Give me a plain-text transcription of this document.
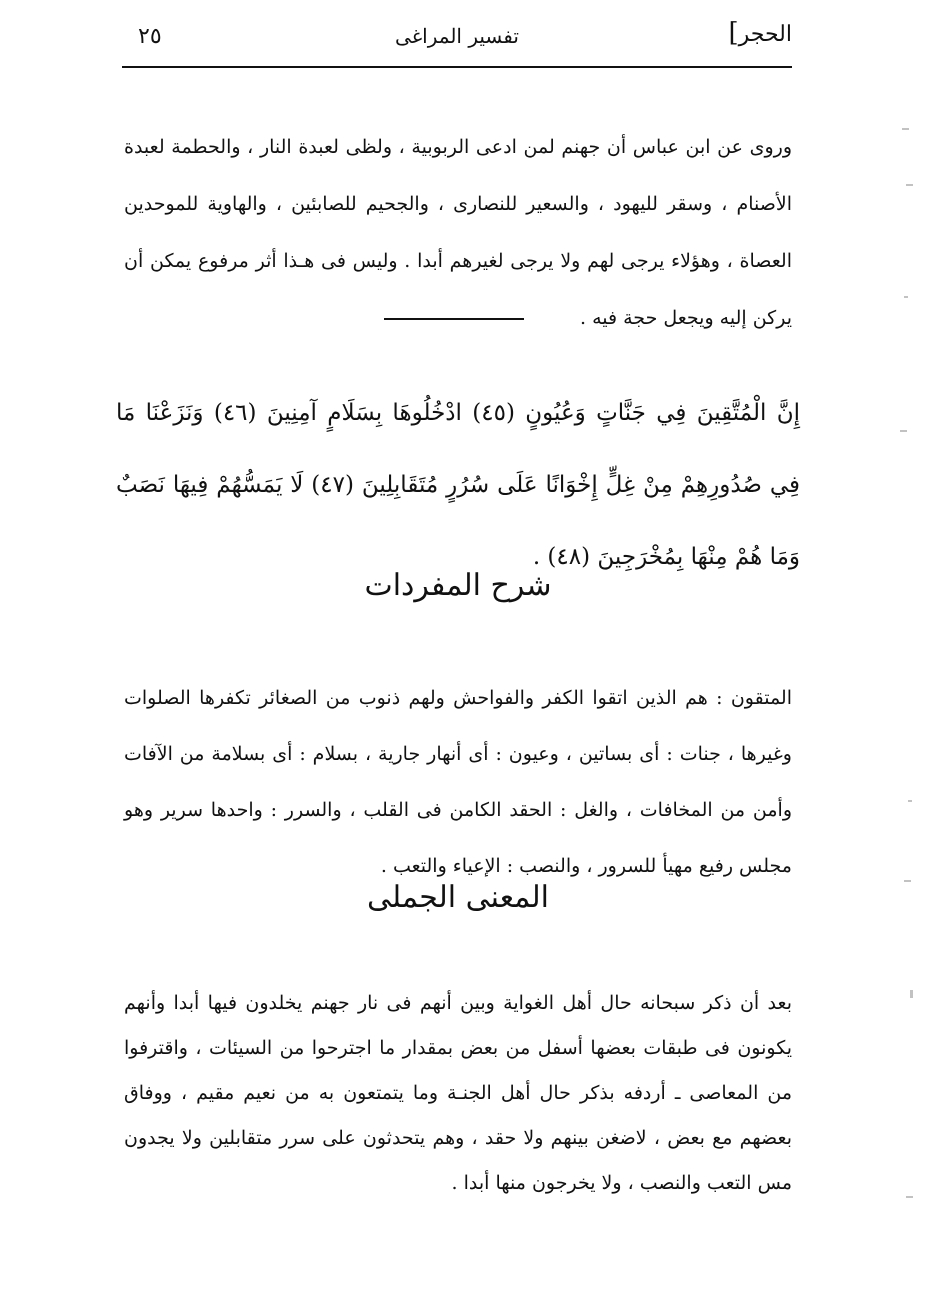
الحجر]
تفسير المراغى
٢٥

وروى عن ابن عباس أن جهنم لمن ادعى الربوبية ، ولظى لعبدة النار ، والحطمة لعبدة الأصنام ، وسقر لليهود ، والسعير للنصارى ، والجحيم للصابئين ، والهاوية للموحدين العصاة ، وهؤلاء يرجى لهم ولا يرجى لغيرهم أبدا . وليس فى هـذا أثر مرفوع يمكن أن يركن إليه ويجعل حجة فيه .

إِنَّ الْمُتَّقِينَ فِي جَنَّاتٍ وَعُيُونٍ (٤٥) ادْخُلُوهَا بِسَلَامٍ آمِنِينَ (٤٦) وَنَزَعْنَا مَا فِي صُدُورِهِمْ مِنْ غِلٍّ إِخْوَانًا عَلَى سُرُرٍ مُتَقَابِلِينَ (٤٧) لَا يَمَسُّهُمْ فِيهَا نَصَبٌ وَمَا هُمْ مِنْهَا بِمُخْرَجِينَ (٤٨) .

شرح المفردات

المتقون : هم الذين اتقوا الكفر والفواحش ولهم ذنوب من الصغائر تكفرها الصلوات وغيرها ، جنات : أى بساتين ، وعيون : أى أنهار جارية ، بسلام : أى بسلامة من الآفات وأمن من المخافات ، والغل : الحقد الكامن فى القلب ، والسرر : واحدها سرير وهو مجلس رفيع مهيأ للسرور ، والنصب : الإعياء والتعب .

المعنى الجملى

بعد أن ذكر سبحانه حال أهل الغواية وبين أنهم فى نار جهنم يخلدون فيها أبدا وأنهم يكونون فى طبقات بعضها أسفل من بعض بمقدار ما اجترحوا من السيئات ، واقترفوا من المعاصى ـ أردفه بذكر حال أهل الجنـة وما يتمتعون به من نعيم مقيم ، ووفاق بعضهم مع بعض ، لاضغن بينهم ولا حقد ، وهم يتحدثون على سرر متقابلين ولا يجدون مس التعب والنصب ، ولا يخرجون منها أبدا .
